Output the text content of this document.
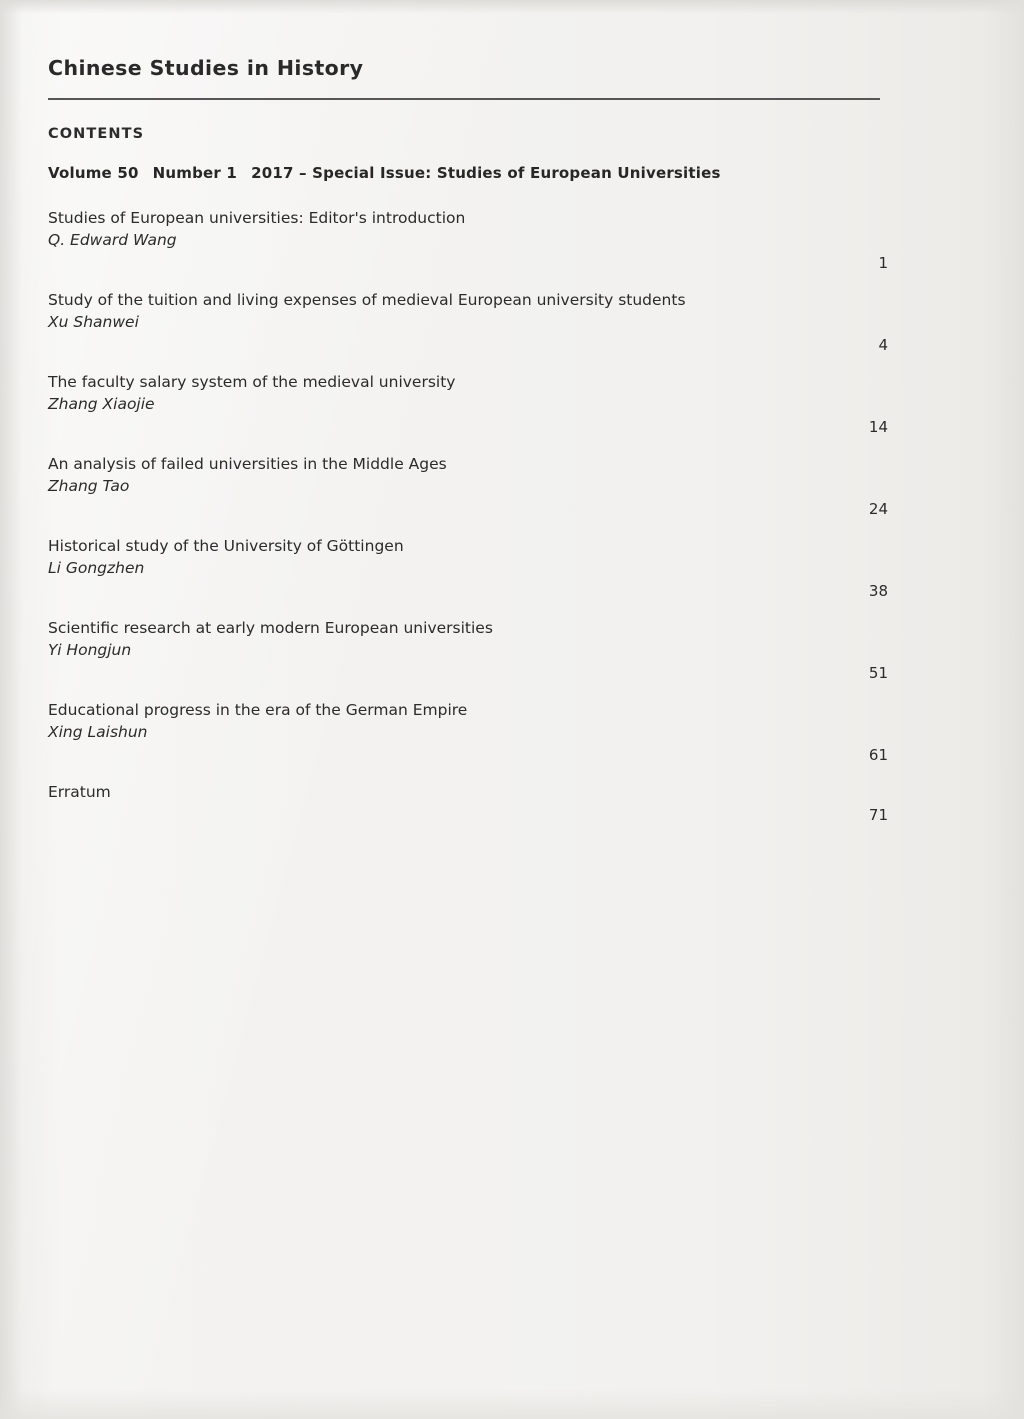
Chinese Studies in History
CONTENTS
Volume 50 Number 1 2017 – Special Issue: Studies of European Universities
Studies of European universities: Editor's introduction
Q. Edward Wang
1
Study of the tuition and living expenses of medieval European university students
Xu Shanwei
4
The faculty salary system of the medieval university
Zhang Xiaojie
14
An analysis of failed universities in the Middle Ages
Zhang Tao
24
Historical study of the University of Göttingen
Li Gongzhen
38
Scientific research at early modern European universities
Yi Hongjun
51
Educational progress in the era of the German Empire
Xing Laishun
61
Erratum
71
